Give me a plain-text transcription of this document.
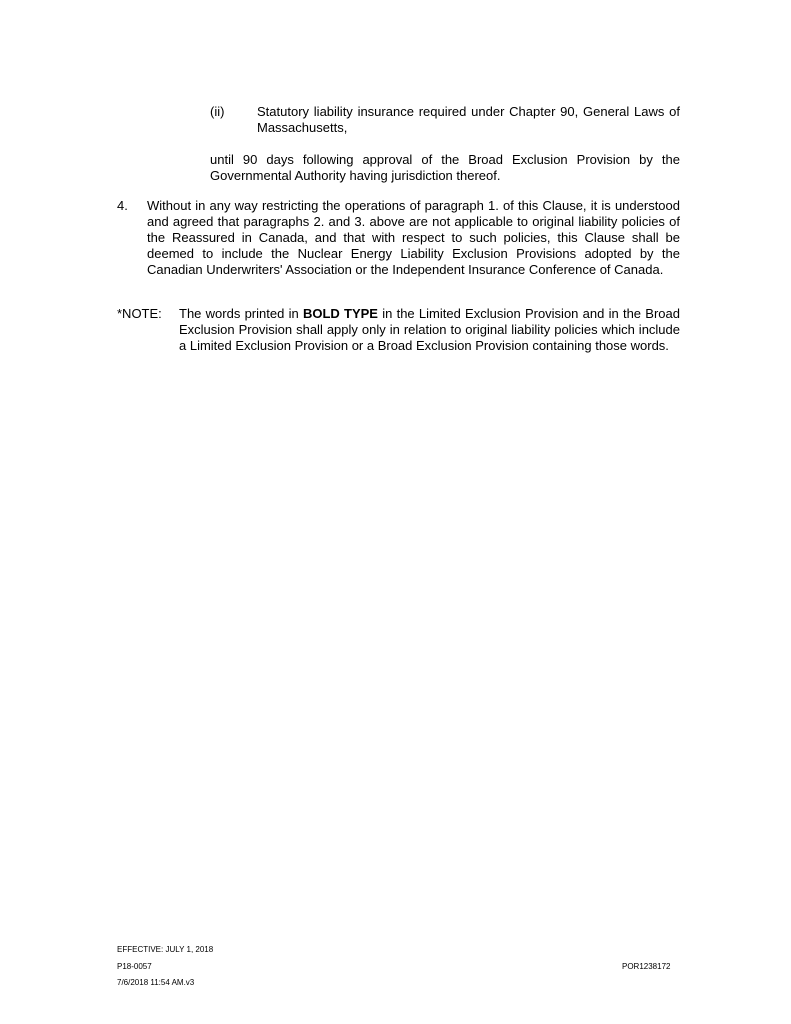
(ii)	Statutory liability insurance required under Chapter 90, General Laws of Massachusetts,
until 90 days following approval of the Broad Exclusion Provision by the Governmental Authority having jurisdiction thereof.
4. Without in any way restricting the operations of paragraph 1. of this Clause, it is understood and agreed that paragraphs 2. and 3. above are not applicable to original liability policies of the Reassured in Canada, and that with respect to such policies, this Clause shall be deemed to include the Nuclear Energy Liability Exclusion Provisions adopted by the Canadian Underwriters' Association or the Independent Insurance Conference of Canada.
*NOTE: The words printed in BOLD TYPE in the Limited Exclusion Provision and in the Broad Exclusion Provision shall apply only in relation to original liability policies which include a Limited Exclusion Provision or a Broad Exclusion Provision containing those words.
EFFECTIVE: JULY 1, 2018
P18-0057
7/6/2018 11:54 AM.v3
POR1238172
